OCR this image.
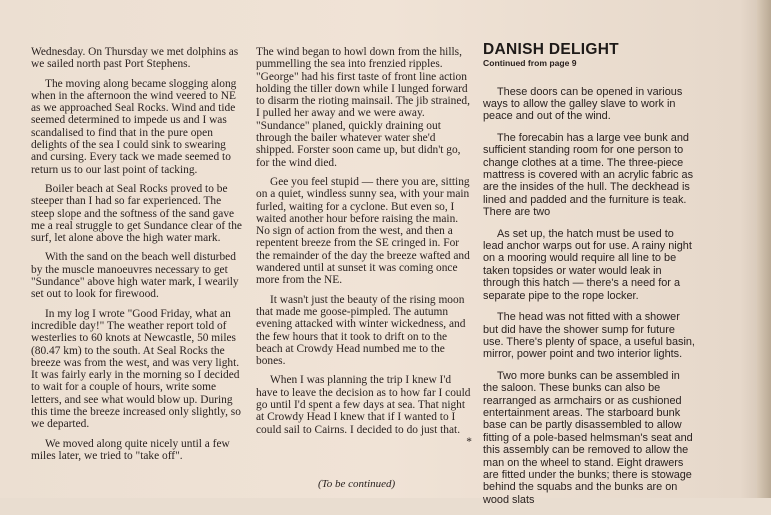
Wednesday. On Thursday we met dolphins as we sailed north past Port Stephens.

The moving along became slogging along when in the afternoon the wind veered to NE as we approached Seal Rocks. Wind and tide seemed determined to impede us and I was scandalised to find that in the pure open delights of the sea I could sink to swearing and cursing. Every tack we made seemed to return us to our last point of tacking.

Boiler beach at Seal Rocks proved to be steeper than I had so far experienced. The steep slope and the softness of the sand gave me a real struggle to get Sundance clear of the surf, let alone above the high water mark.

With the sand on the beach well disturbed by the muscle manoeuvres necessary to get "Sundance" above high water mark, I wearily set out to look for firewood.

In my log I wrote "Good Friday, what an incredible day!" The weather report told of westerlies to 60 knots at Newcastle, 50 miles (80.47 km) to the south. At Seal Rocks the breeze was from the west, and was very light. It was fairly early in the morning so I decided to wait for a couple of hours, write some letters, and see what would blow up. During this time the breeze increased only slightly, so we departed.

We moved along quite nicely until a few miles later, we tried to "take off".

The wind began to howl down from the hills, pummelling the sea into frenzied ripples. "George" had his first taste of front line action holding the tiller down while I lunged forward to disarm the rioting mainsail. The jib strained, I pulled her away and we were away. "Sundance" planed, quickly draining out through the bailer whatever water she'd shipped. Forster soon came up, but didn't go, for the wind died.

Gee you feel stupid — there you are, sitting on a quiet, windless sunny sea, with your main furled, waiting for a cyclone. But even so, I waited another hour before raising the main. No sign of action from the west, and then a repentent breeze from the SE cringed in. For the remainder of the day the breeze wafted and wandered until at sunset it was coming once more from the NE.

It wasn't just the beauty of the rising moon that made me goose-pimpled. The autumn evening attacked with winter wickedness, and the few hours that it took to drift on to the beach at Crowdy Head numbed me to the bones.

When I was planning the trip I knew I'd have to leave the decision as to how far I could go until I'd spent a few days at sea. That night at Crowdy Head I knew that if I wanted to I could sail to Cairns. I decided to do just that.
*

(To be continued)
DANISH DELIGHT
Continued from page 9

These doors can be opened in various ways to allow the galley slave to work in peace and out of the wind.

The forecabin has a large vee bunk and sufficient standing room for one person to change clothes at a time. The three-piece mattress is covered with an acrylic fabric as are the insides of the hull. The deckhead is lined and padded and the furniture is teak. There are two

As set up, the hatch must be used to lead anchor warps out for use. A rainy night on a mooring would require all line to be taken topsides or water would leak in through this hatch — there's a need for a separate pipe to the rope locker.

The head was not fitted with a shower but did have the shower sump for future use. There's plenty of space, a useful basin, mirror, power point and two interior lights.

Two more bunks can be assembled in the saloon. These bunks can also be rearranged as armchairs or as cushioned entertainment areas. The starboard bunk base can be partly disassembled to allow fitting of a pole-based helmsman's seat and this assembly can be removed to allow the man on the wheel to stand. Eight drawers are fitted under the bunks; there is stowage behind the squabs and the bunks are on wood slats
